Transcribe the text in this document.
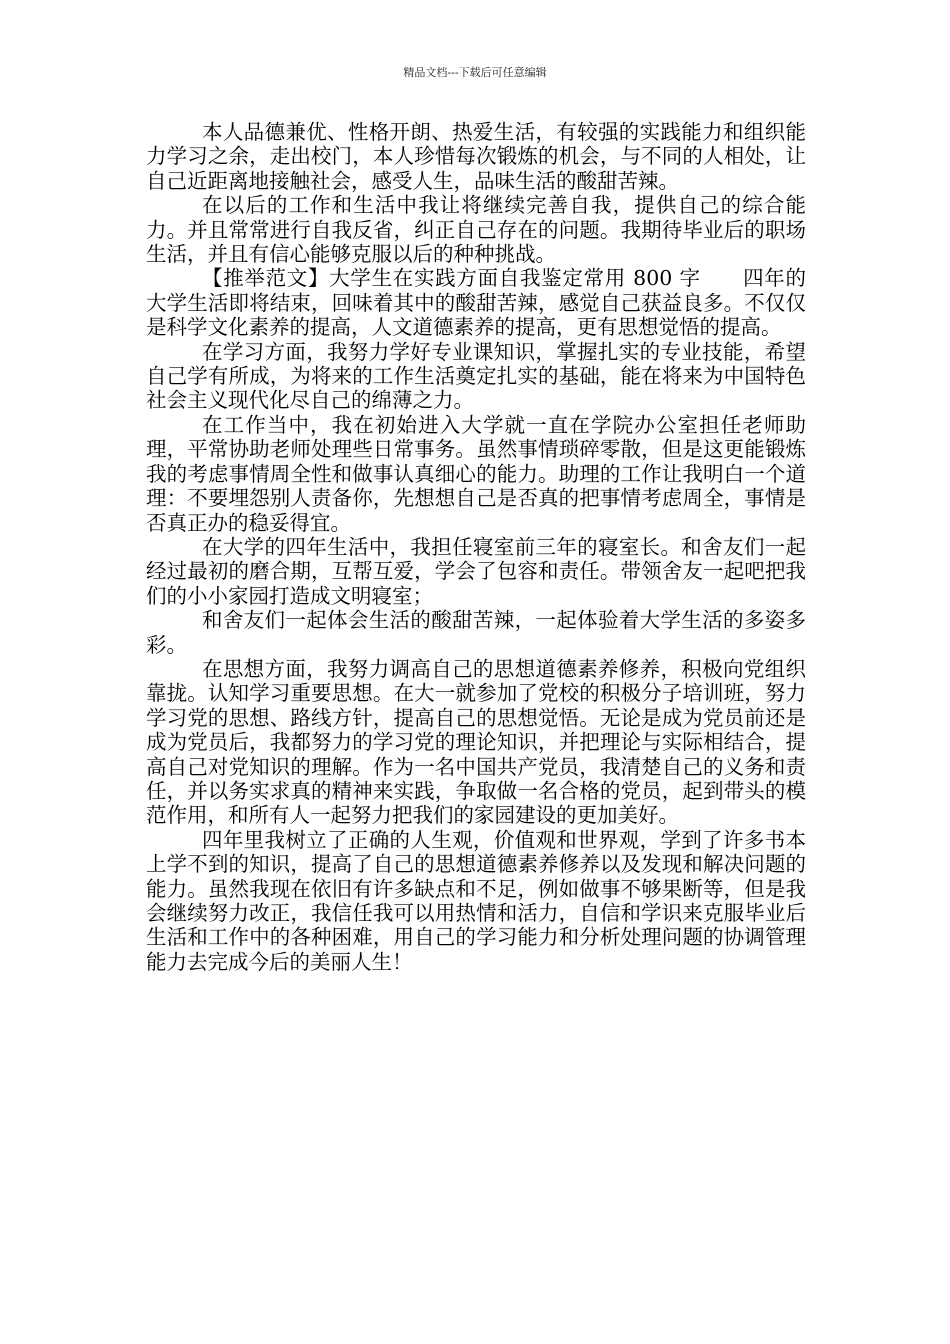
精品文档---下载后可任意编辑

本人品德兼优、性格开朗、热爱生活，有较强的实践能力和组织能力学习之余，走出校门，本人珍惜每次锻炼的机会，与不同的人相处，让自己近距离地接触社会，感受人生，品味生活的酸甜苦辣。

在以后的工作和生活中我让将继续完善自我，提供自己的综合能力。并且常常进行自我反省，纠正自己存在的问题。我期待毕业后的职场生活，并且有信心能够克服以后的种种挑战。

【推举范文】大学生在实践方面自我鉴定常用 800 字　　四年的大学生活即将结束，回味着其中的酸甜苦辣，感觉自己获益良多。不仅仅是科学文化素养的提高，人文道德素养的提高，更有思想觉悟的提高。

在学习方面，我努力学好专业课知识，掌握扎实的专业技能，希望自己学有所成，为将来的工作生活奠定扎实的基础，能在将来为中国特色社会主义现代化尽自己的绵薄之力。

在工作当中，我在初始进入大学就一直在学院办公室担任老师助理，平常协助老师处理些日常事务。虽然事情琐碎零散，但是这更能锻炼我的考虑事情周全性和做事认真细心的能力。助理的工作让我明白一个道理：不要埋怨别人责备你，先想想自己是否真的把事情考虑周全，事情是否真正办的稳妥得宜。

在大学的四年生活中，我担任寝室前三年的寝室长。和舍友们一起经过最初的磨合期，互帮互爱，学会了包容和责任。带领舍友一起吧把我们的小小家园打造成文明寝室；

和舍友们一起体会生活的酸甜苦辣，一起体验着大学生活的多姿多彩。

在思想方面，我努力调高自己的思想道德素养修养，积极向党组织靠拢。认知学习重要思想。在大一就参加了党校的积极分子培训班，努力学习党的思想、路线方针，提高自己的思想觉悟。无论是成为党员前还是成为党员后，我都努力的学习党的理论知识，并把理论与实际相结合，提高自己对党知识的理解。作为一名中国共产党员，我清楚自己的义务和责任，并以务实求真的精神来实践，争取做一名合格的党员，起到带头的模范作用，和所有人一起努力把我们的家园建设的更加美好。

四年里我树立了正确的人生观，价值观和世界观，学到了许多书本上学不到的知识，提高了自己的思想道德素养修养以及发现和解决问题的能力。虽然我现在依旧有许多缺点和不足，例如做事不够果断等，但是我会继续努力改正，我信任我可以用热情和活力，自信和学识来克服毕业后生活和工作中的各种困难，用自己的学习能力和分析处理问题的协调管理能力去完成今后的美丽人生！
